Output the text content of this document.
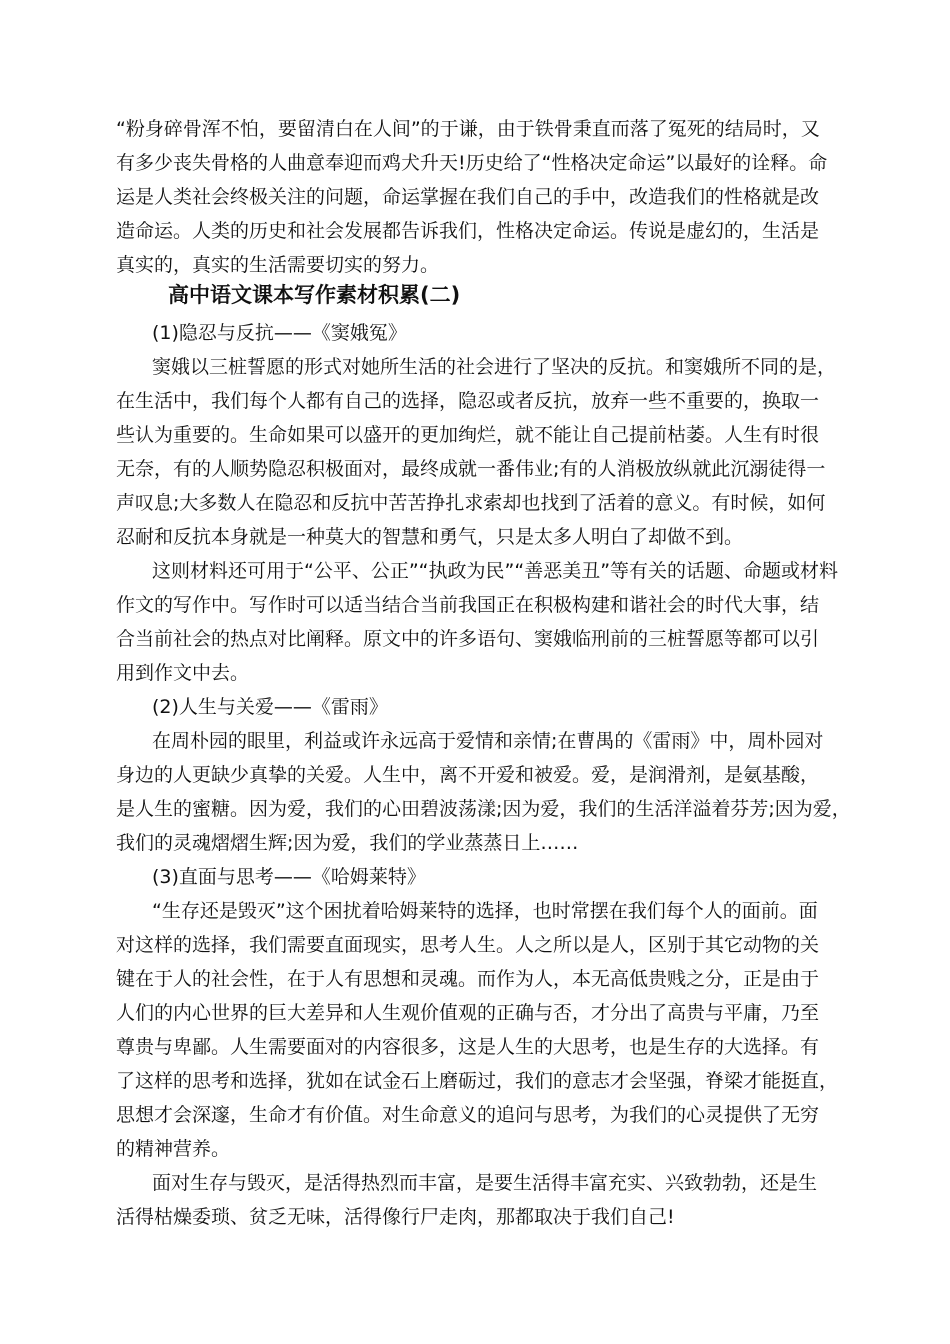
“粉身碎骨浑不怕，要留清白在人间”的于谦，由于铁骨秉直而落了冤死的结局时，又
有多少丧失骨格的人曲意奉迎而鸡犬升天!历史给了“性格决定命运”以最好的诠释。命
运是人类社会终极关注的问题，命运掌握在我们自己的手中，改造我们的性格就是改
造命运。人类的历史和社会发展都告诉我们，性格决定命运。传说是虚幻的，生活是
真实的，真实的生活需要切实的努力。
高中语文课本写作素材积累(二)
(1)隐忍与反抗——《窦娥冤》
窦娥以三桩誓愿的形式对她所生活的社会进行了坚决的反抗。和窦娥所不同的是，
在生活中，我们每个人都有自己的选择，隐忍或者反抗，放弃一些不重要的，换取一
些认为重要的。生命如果可以盛开的更加绚烂，就不能让自己提前枯萎。人生有时很
无奈，有的人顺势隐忍积极面对，最终成就一番伟业;有的人消极放纵就此沉溺徒得一
声叹息;大多数人在隐忍和反抗中苦苦挣扎求索却也找到了活着的意义。有时候，如何
忍耐和反抗本身就是一种莫大的智慧和勇气，只是太多人明白了却做不到。
这则材料还可用于“公平、公正”“执政为民”“善恶美丑”等有关的话题、命题或材料
作文的写作中。写作时可以适当结合当前我国正在积极构建和谐社会的时代大事，结
合当前社会的热点对比阐释。原文中的许多语句、窦娥临刑前的三桩誓愿等都可以引
用到作文中去。
(2)人生与关爱——《雷雨》
在周朴园的眼里，利益或许永远高于爱情和亲情;在曹禺的《雷雨》中，周朴园对
身边的人更缺少真挚的关爱。人生中，离不开爱和被爱。爱，是润滑剂，是氨基酸，
是人生的蜜糖。因为爱，我们的心田碧波荡漾;因为爱，我们的生活洋溢着芬芳;因为爱，
我们的灵魂熠熠生辉;因为爱，我们的学业蒸蒸日上……
(3)直面与思考——《哈姆莱特》
“生存还是毁灭”这个困扰着哈姆莱特的选择，也时常摆在我们每个人的面前。面
对这样的选择，我们需要直面现实，思考人生。人之所以是人，区别于其它动物的关
键在于人的社会性，在于人有思想和灵魂。而作为人，本无高低贵贱之分，正是由于
人们的内心世界的巨大差异和人生观价值观的正确与否，才分出了高贵与平庸，乃至
尊贵与卑鄙。人生需要面对的内容很多，这是人生的大思考，也是生存的大选择。有
了这样的思考和选择，犹如在试金石上磨砺过，我们的意志才会坚强，脊梁才能挺直，
思想才会深邃，生命才有价值。对生命意义的追问与思考，为我们的心灵提供了无穷
的精神营养。
面对生存与毁灭，是活得热烈而丰富，是要生活得丰富充实、兴致勃勃，还是生
活得枯燥委琐、贫乏无味，活得像行尸走肉，那都取决于我们自己!
